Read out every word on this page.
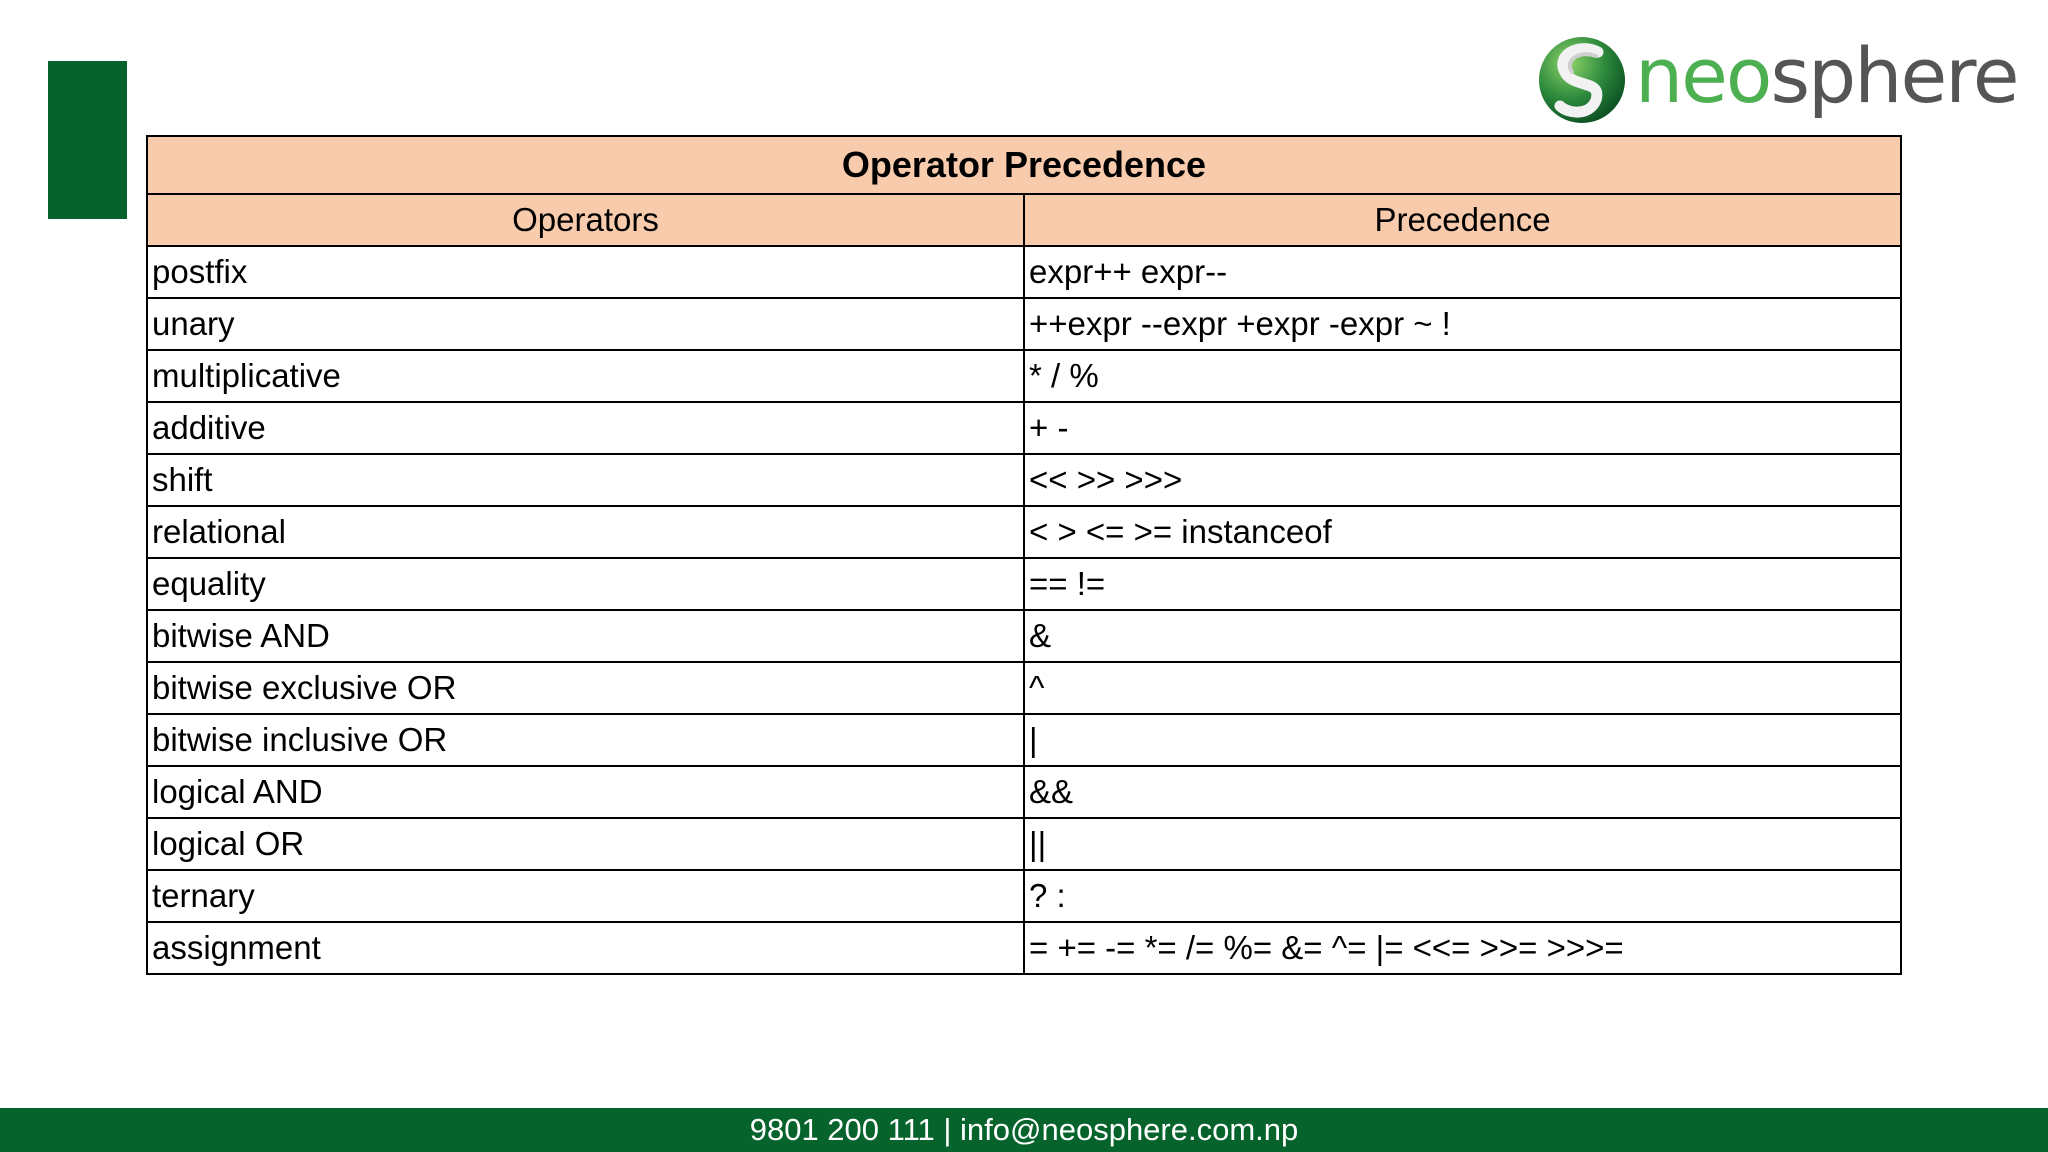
neosphere
Operator Precedence	
Operators	Precedence
postfix	expr++ expr--
unary	++expr --expr +expr -expr ~ !
multiplicative	* / %
additive	+ -
shift	<< >> >>>
relational	< > <= >= instanceof
equality	== !=
bitwise AND	&
bitwise exclusive OR	^
bitwise inclusive OR	|
logical AND	&&
logical OR	||
ternary	? :
assignment	= += -= *= /= %= &= ^= |= <<= >>= >>>=
9801 200 111 | info@neosphere.com.np
